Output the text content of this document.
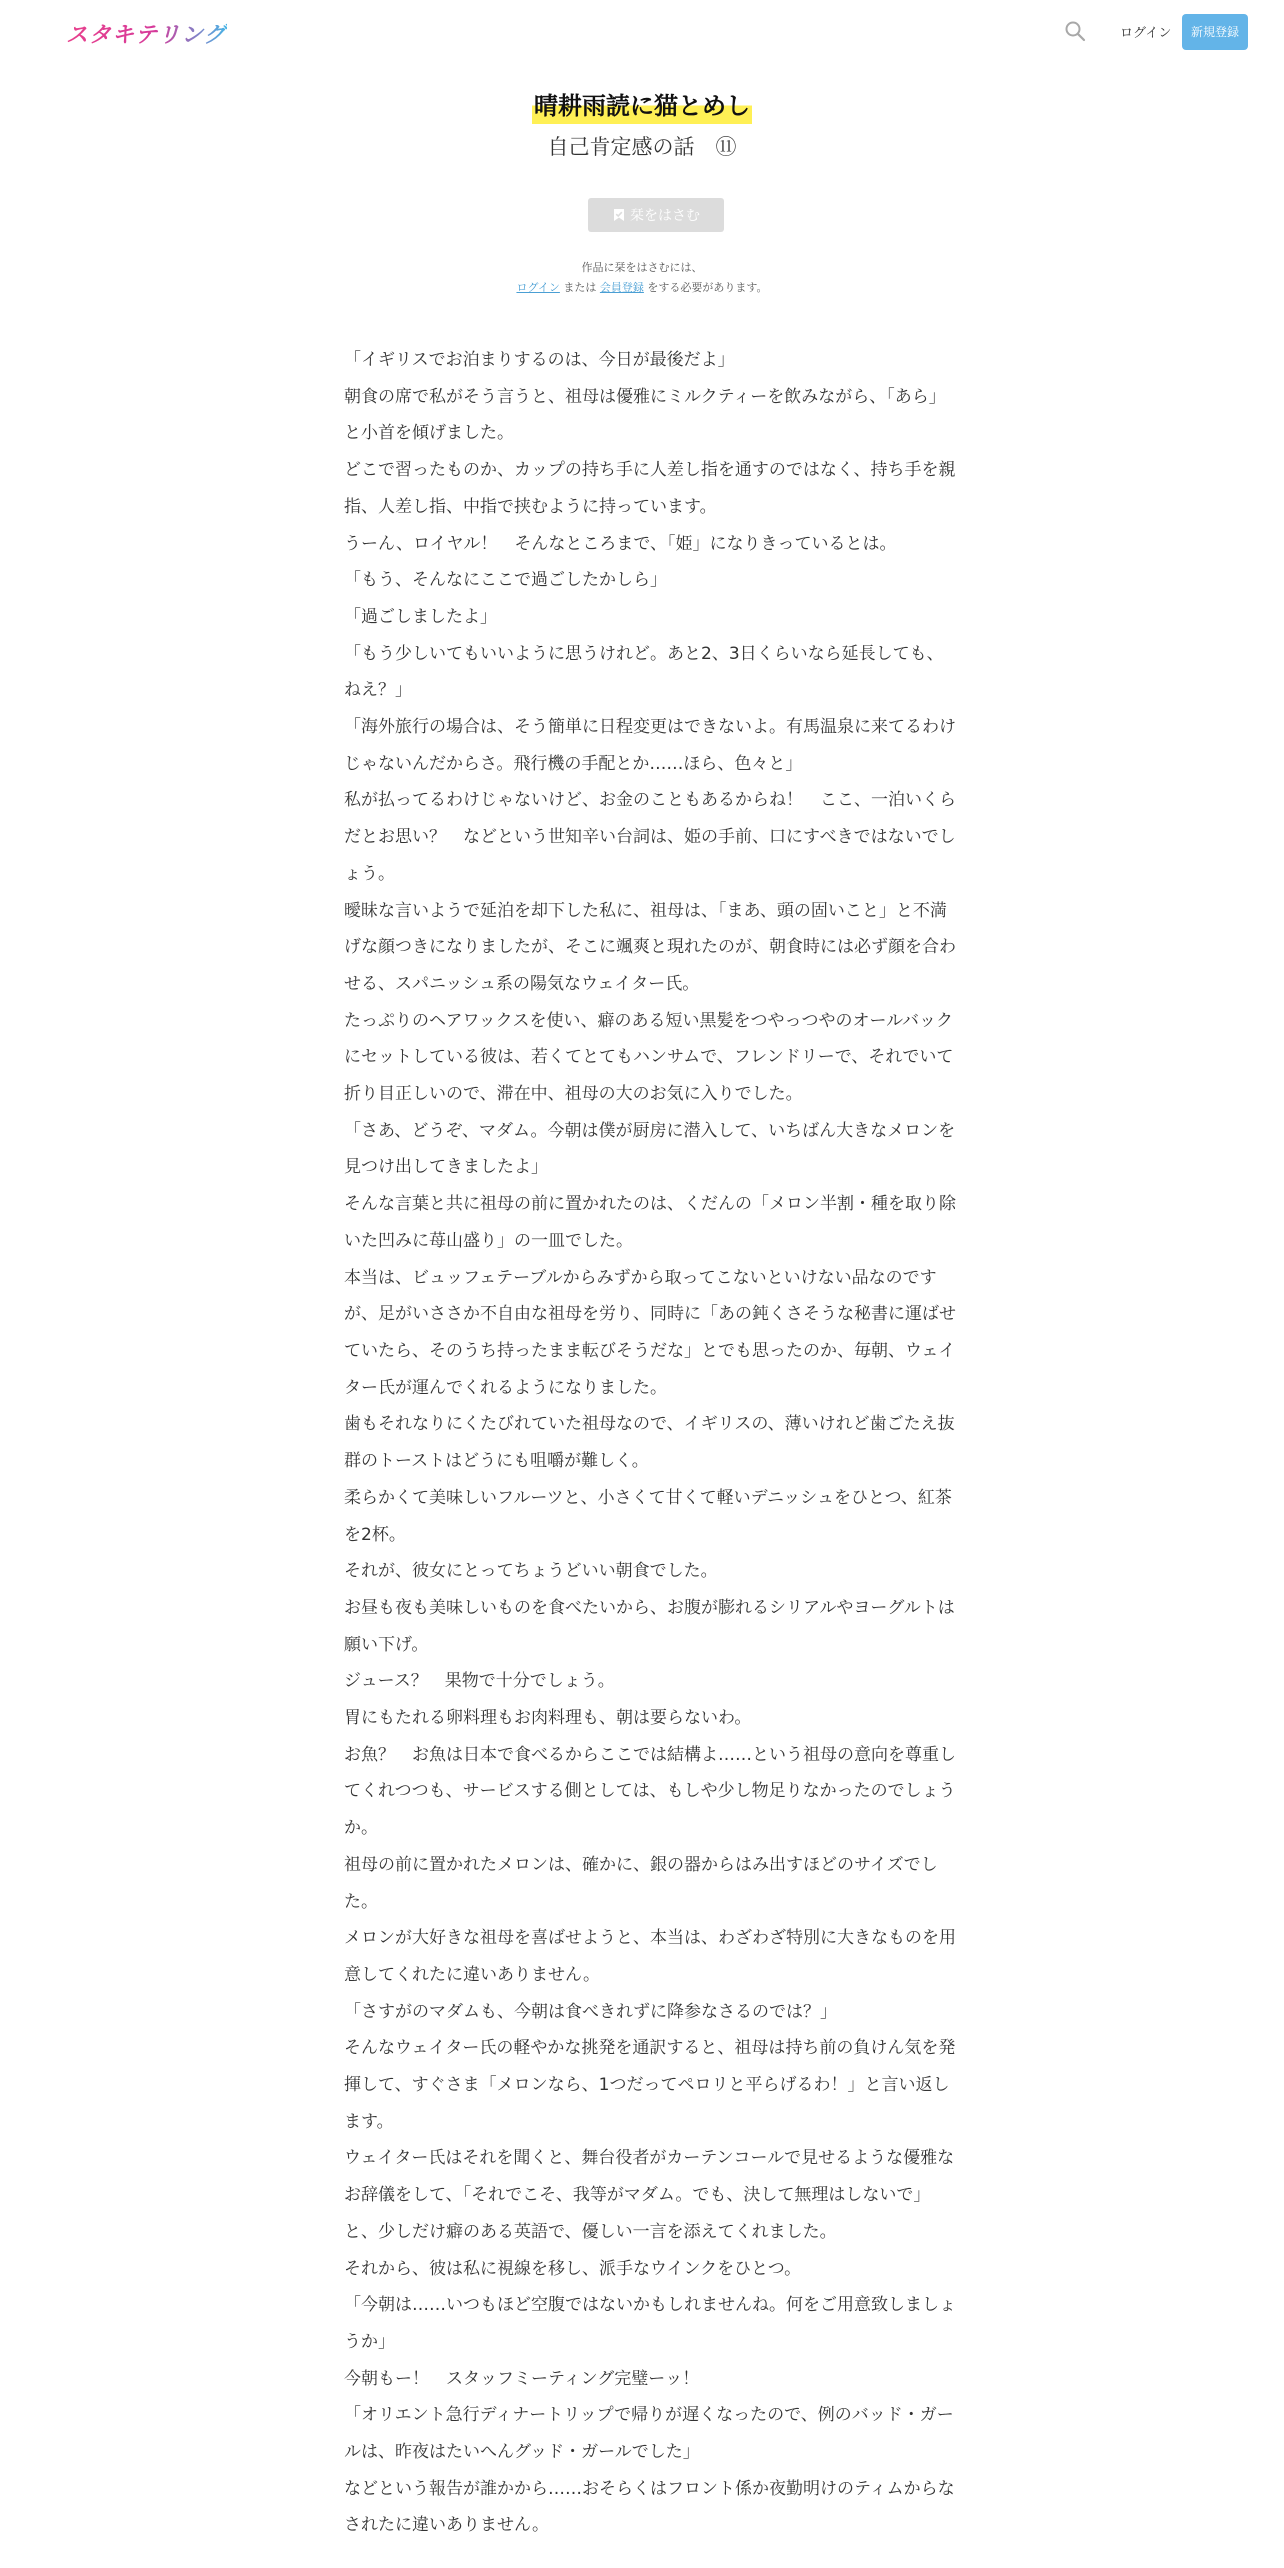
スタキテリング	ログイン	新規登録
晴耕雨読に猫とめし
自己肯定感の話　⑪
栞をはさむ
作品に栞をはさむには、
ログイン または 会員登録 をする必要があります。

「イギリスでお泊まりするのは、今日が最後だよ」

朝食の席で私がそう言うと、祖母は優雅にミルクティーを飲みながら、「あら」と小首を傾げました。

どこで習ったものか、カップの持ち手に人差し指を通すのではなく、持ち手を親指、人差し指、中指で挟むように持っています。

うーん、ロイヤル！　そんなところまで、「姫」になりきっているとは。

「もう、そんなにここで過ごしたかしら」

「過ごしましたよ」

「もう少しいてもいいように思うけれど。あと2、3日くらいなら延長しても、ねえ？」

「海外旅行の場合は、そう簡単に日程変更はできないよ。有馬温泉に来てるわけじゃないんだからさ。飛行機の手配とか……ほら、色々と」

私が払ってるわけじゃないけど、お金のこともあるからね！　ここ、一泊いくらだとお思い？　などという世知辛い台詞は、姫の手前、口にすべきではないでしょう。

曖昧な言いようで延泊を却下した私に、祖母は、「まあ、頭の固いこと」と不満げな顔つきになりましたが、そこに颯爽と現れたのが、朝食時には必ず顔を合わせる、スパニッシュ系の陽気なウェイター氏。

たっぷりのヘアワックスを使い、癖のある短い黒髪をつやっつやのオールバックにセットしている彼は、若くてとてもハンサムで、フレンドリーで、それでいて折り目正しいので、滞在中、祖母の大のお気に入りでした。

「さあ、どうぞ、マダム。今朝は僕が厨房に潜入して、いちばん大きなメロンを見つけ出してきましたよ」

そんな言葉と共に祖母の前に置かれたのは、くだんの「メロン半割・種を取り除いた凹みに苺山盛り」の一皿でした。

本当は、ビュッフェテーブルからみずから取ってこないといけない品なのですが、足がいささか不自由な祖母を労り、同時に「あの鈍くさそうな秘書に運ばせていたら、そのうち持ったまま転びそうだな」とでも思ったのか、毎朝、ウェイター氏が運んでくれるようになりました。

歯もそれなりにくたびれていた祖母なので、イギリスの、薄いけれど歯ごたえ抜群のトーストはどうにも咀嚼が難しく。

柔らかくて美味しいフルーツと、小さくて甘くて軽いデニッシュをひとつ、紅茶を2杯。

それが、彼女にとってちょうどいい朝食でした。

お昼も夜も美味しいものを食べたいから、お腹が膨れるシリアルやヨーグルトは願い下げ。

ジュース？　果物で十分でしょう。

胃にもたれる卵料理もお肉料理も、朝は要らないわ。

お魚？　お魚は日本で食べるからここでは結構よ……という祖母の意向を尊重してくれつつも、サービスする側としては、もしや少し物足りなかったのでしょうか。

祖母の前に置かれたメロンは、確かに、銀の器からはみ出すほどのサイズでした。

メロンが大好きな祖母を喜ばせようと、本当は、わざわざ特別に大きなものを用意してくれたに違いありません。

「さすがのマダムも、今朝は食べきれずに降参なさるのでは？」

そんなウェイター氏の軽やかな挑発を通訳すると、祖母は持ち前の負けん気を発揮して、すぐさま「メロンなら、1つだってペロリと平らげるわ！」と言い返します。

ウェイター氏はそれを聞くと、舞台役者がカーテンコールで見せるような優雅なお辞儀をして、「それでこそ、我等がマダム。でも、決して無理はしないで」と、少しだけ癖のある英語で、優しい一言を添えてくれました。

それから、彼は私に視線を移し、派手なウインクをひとつ。

「今朝は……いつもほど空腹ではないかもしれませんね。何をご用意致しましょうか」

今朝もー！　スタッフミーティング完璧ーッ！

「オリエント急行ディナートリップで帰りが遅くなったので、例のバッド・ガールは、昨夜はたいへんグッド・ガールでした」

などという報告が誰かから……おそらくはフロント係か夜勤明けのティムからなされたに違いありません。
